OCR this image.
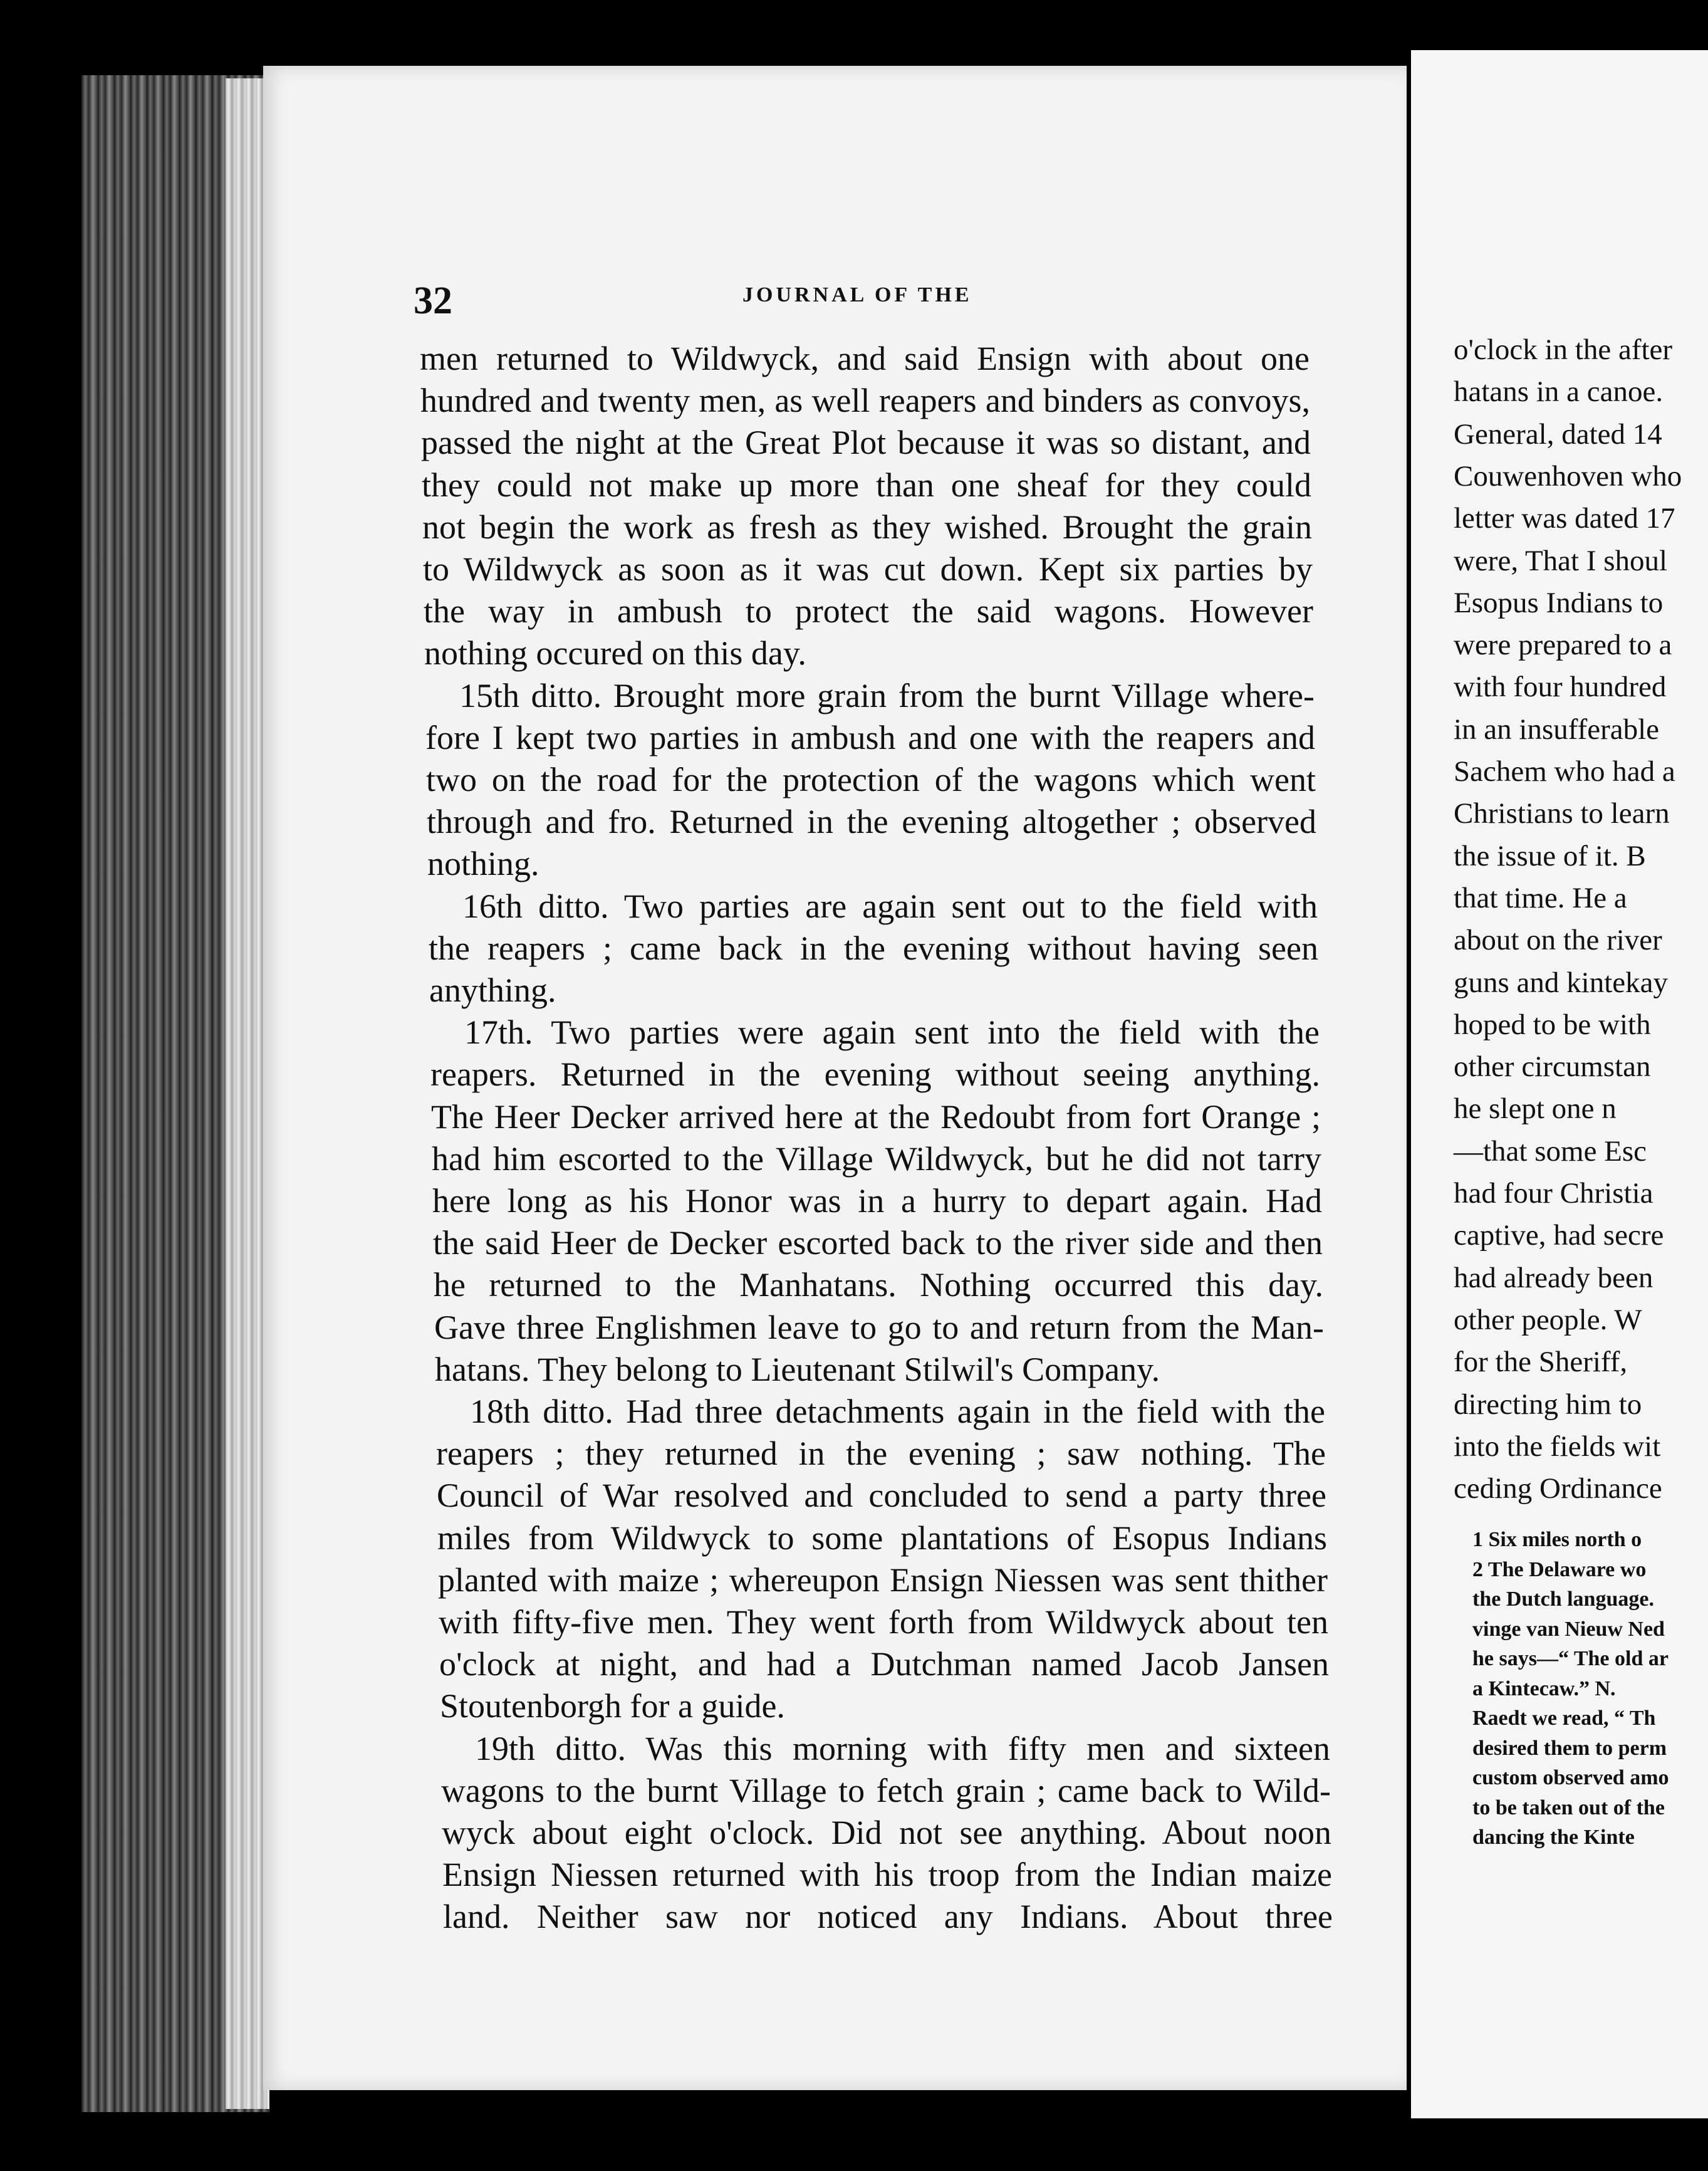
32	JOURNAL OF THE
men returned to Wildwyck, and said Ensign with about one
hundred and twenty men, as well reapers and binders as convoys,
passed the night at the Great Plot because it was so distant, and
they could not make up more than one sheaf for they could
not begin the work as fresh as they wished. Brought the grain
to Wildwyck as soon as it was cut down. Kept six parties by
the way in ambush to protect the said wagons. However
nothing occured on this day.
15th ditto. Brought more grain from the burnt Village where-
fore I kept two parties in ambush and one with the reapers and
two on the road for the protection of the wagons which went
through and fro. Returned in the evening altogether ; observed
nothing.
16th ditto. Two parties are again sent out to the field with
the reapers ; came back in the evening without having seen
anything.
17th. Two parties were again sent into the field with the
reapers. Returned in the evening without seeing anything.
The Heer Decker arrived here at the Redoubt from fort Orange ;
had him escorted to the Village Wildwyck, but he did not tarry
here long as his Honor was in a hurry to depart again. Had
the said Heer de Decker escorted back to the river side and then
he returned to the Manhatans. Nothing occurred this day.
Gave three Englishmen leave to go to and return from the Man-
hatans. They belong to Lieutenant Stilwil's Company.
18th ditto. Had three detachments again in the field with the
reapers ; they returned in the evening ; saw nothing. The
Council of War resolved and concluded to send a party three
miles from Wildwyck to some plantations of Esopus Indians
planted with maize ; whereupon Ensign Niessen was sent thither
with fifty-five men. They went forth from Wildwyck about ten
o'clock at night, and had a Dutchman named Jacob Jansen
Stoutenborgh for a guide.
19th ditto. Was this morning with fifty men and sixteen
wagons to the burnt Village to fetch grain ; came back to Wild-
wyck about eight o'clock. Did not see anything. About noon
Ensign Niessen returned with his troop from the Indian maize
land. Neither saw nor noticed any Indians. About three
o'clock in the after
hatans in a canoe.
General, dated 14
Couwenhoven who
letter was dated 17
were, That I shoul
Esopus Indians to
were prepared to a
with four hundred
in an insufferable
Sachem who had a
Christians to learn
the issue of it. B
that time. He a
about on the river
guns and kintekay
hoped to be with
other circumstan
he slept one n
—that some Esc
had four Christia
captive, had secre
had already been
other people. W
for the Sheriff,
directing him to
into the fields wit
ceding Ordinance
1 Six miles north o
2 The Delaware wo
the Dutch language.
vinge van Nieuw Ned
he says—“ The old ar
a Kintecaw.” N.
Raedt we read, “ Th
desired them to perm
custom observed amo
to be taken out of the
dancing the Kinte
